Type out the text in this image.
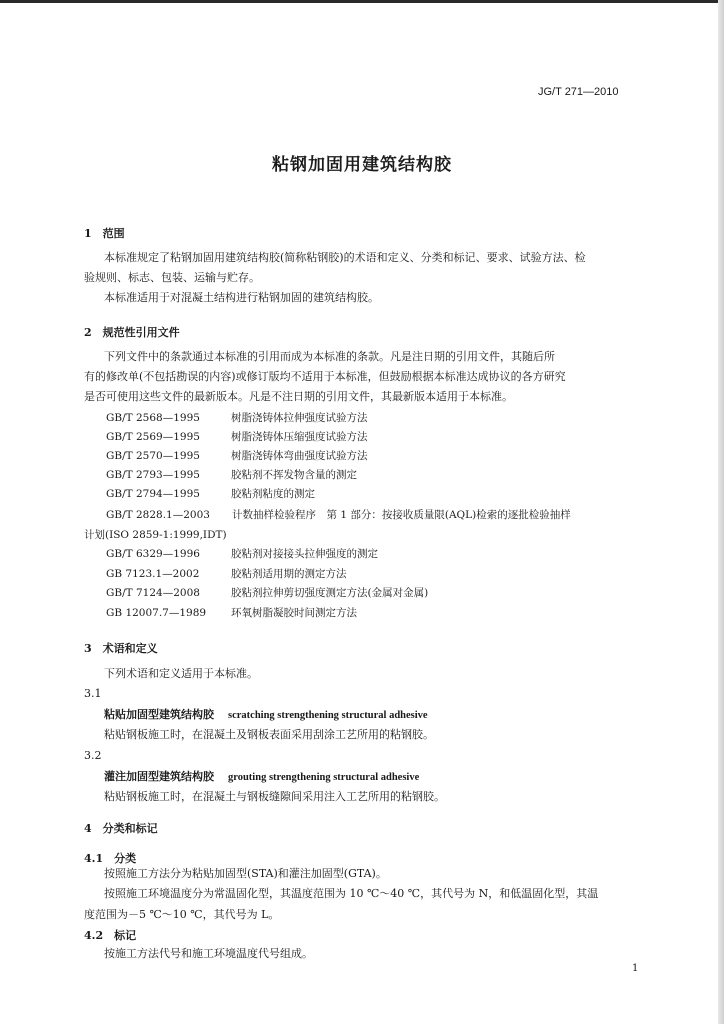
JG/T 271—2010
粘钢加固用建筑结构胶
1　范围
本标准规定了粘钢加固用建筑结构胶(简称粘钢胶)的术语和定义、分类和标记、要求、试验方法、检
验规则、标志、包装、运输与贮存。
本标准适用于对混凝土结构进行粘钢加固的建筑结构胶。
2　规范性引用文件
下列文件中的条款通过本标准的引用而成为本标准的条款。凡是注日期的引用文件，其随后所
有的修改单(不包括勘误的内容)或修订版均不适用于本标准，但鼓励根据本标准达成协议的各方研究
是否可使用这些文件的最新版本。凡是不注日期的引用文件，其最新版本适用于本标准。
GB/T 2568—1995	树脂浇铸体拉伸强度试验方法
GB/T 2569—1995	树脂浇铸体压缩强度试验方法
GB/T 2570—1995	树脂浇铸体弯曲强度试验方法
GB/T 2793—1995	胶粘剂不挥发物含量的测定
GB/T 2794—1995	胶粘剂粘度的测定
GB/T 2828.1—2003 计数抽样检验程序　第 1 部分：按接收质量限(AQL)检索的逐批检验抽样
计划(ISO 2859-1:1999,IDT)
GB/T 6329—1996	胶粘剂对接接头拉伸强度的测定
GB 7123.1—2002	胶粘剂适用期的测定方法
GB/T 7124—2008	胶粘剂拉伸剪切强度测定方法(金属对金属)
GB 12007.7—1989 环氧树脂凝胶时间测定方法
3　术语和定义
下列术语和定义适用于本标准。
3.1
粘贴加固型建筑结构胶 scratching strengthening structural adhesive
粘贴钢板施工时，在混凝土及钢板表面采用刮涂工艺所用的粘钢胶。
3.2
灌注加固型建筑结构胶 grouting strengthening structural adhesive
粘贴钢板施工时，在混凝土与钢板缝隙间采用注入工艺所用的粘钢胶。
4　分类和标记
4.1　分类
按照施工方法分为粘贴加固型(STA)和灌注加固型(GTA)。
按照施工环境温度分为常温固化型，其温度范围为 10 ℃～40 ℃，其代号为 N，和低温固化型，其温
度范围为－5 ℃～10 ℃，其代号为 L。
4.2　标记
按施工方法代号和施工环境温度代号组成。
1
